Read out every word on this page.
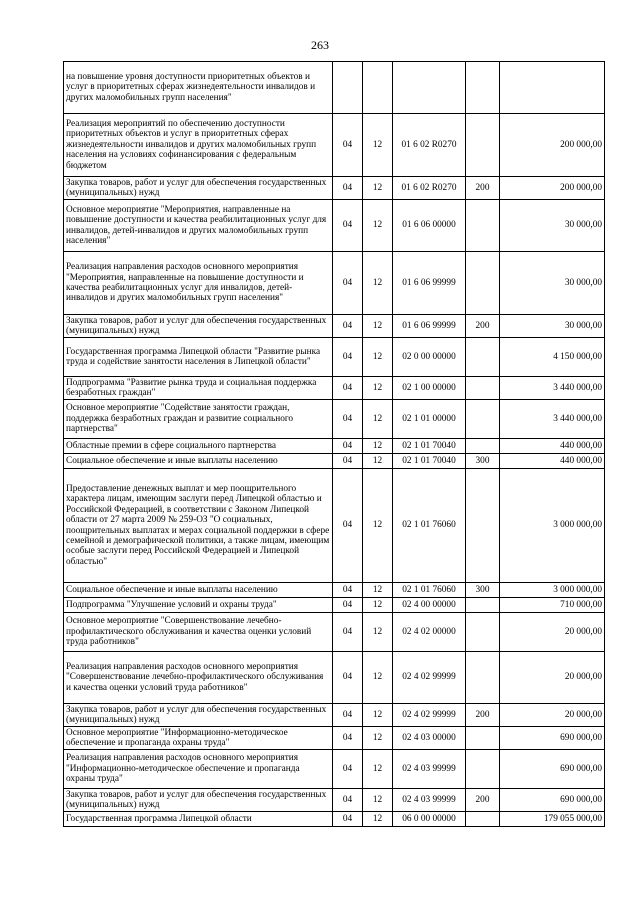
263
на повышение уровня доступности приоритетных объектов и услуг в приоритетных сферах жизнедеятельности инвалидов и других маломобильных групп населения"					
Реализация мероприятий по обеспечению доступности приоритетных объектов и услуг в приоритетных сферах жизнедеятельности инвалидов и других маломобильных групп населения на условиях софинансирования с федеральным бюджетом	04	12	01 6 02 R0270		200 000,00
Закупка товаров, работ и услуг для обеспечения государственных (муниципальных) нужд	04	12	01 6 02 R0270	200	200 000,00
Основное мероприятие "Мероприятия, направленные на повышение доступности и качества реабилитационных услуг для инвалидов, детей-инвалидов и других маломобильных групп населения"	04	12	01 6 06 00000		30 000,00
Реализация направления расходов основного мероприятия "Мероприятия, направленные на повышение доступности и качества реабилитационных услуг для инвалидов, детей-инвалидов и других маломобильных групп населения"	04	12	01 6 06 99999		30 000,00
Закупка товаров, работ и услуг для обеспечения государственных (муниципальных) нужд	04	12	01 6 06 99999	200	30 000,00
Государственная программа Липецкой области "Развитие рынка труда и содействие занятости населения в Липецкой области"	04	12	02 0 00 00000		4 150 000,00
Подпрограмма "Развитие рынка труда и социальная поддержка безработных граждан"	04	12	02 1 00 00000		3 440 000,00
Основное мероприятие "Содействие занятости граждан, поддержка безработных граждан и развитие социального партнерства"	04	12	02 1 01 00000		3 440 000,00
Областные премии в сфере социального партнерства	04	12	02 1 01 70040		440 000,00
Социальное обеспечение и иные выплаты населению	04	12	02 1 01 70040	300	440 000,00
Предоставление денежных выплат и мер поощрительного характера лицам, имеющим заслуги перед Липецкой областью и Российской Федерацией, в соответствии с Законом Липецкой области от 27 марта 2009 № 259-ОЗ "О социальных, поощрительных выплатах и мерах социальной поддержки в сфере семейной и демографической политики, а также лицам, имеющим особые заслуги перед Российской Федерацией и Липецкой областью"	04	12	02 1 01 76060		3 000 000,00
Социальное обеспечение и иные выплаты населению	04	12	02 1 01 76060	300	3 000 000,00
Подпрограмма "Улучшение условий и охраны труда"	04	12	02 4 00 00000		710 000,00
Основное мероприятие "Совершенствование лечебно-профилактического обслуживания и качества оценки условий труда работников"	04	12	02 4 02 00000		20 000,00
Реализация направления расходов основного мероприятия "Совершенствование лечебно-профилактического обслуживания и качества оценки условий труда работников"	04	12	02 4 02 99999		20 000,00
Закупка товаров, работ и услуг для обеспечения государственных (муниципальных) нужд	04	12	02 4 02 99999	200	20 000,00
Основное мероприятие "Информационно-методическое обеспечение и пропаганда охраны труда"	04	12	02 4 03 00000		690 000,00
Реализация направления расходов основного мероприятия "Информационно-методическое обеспечение и пропаганда охраны труда"	04	12	02 4 03 99999		690 000,00
Закупка товаров, работ и услуг для обеспечения государственных (муниципальных) нужд	04	12	02 4 03 99999	200	690 000,00
Государственная программа Липецкой области	04	12	06 0 00 00000		179 055 000,00
